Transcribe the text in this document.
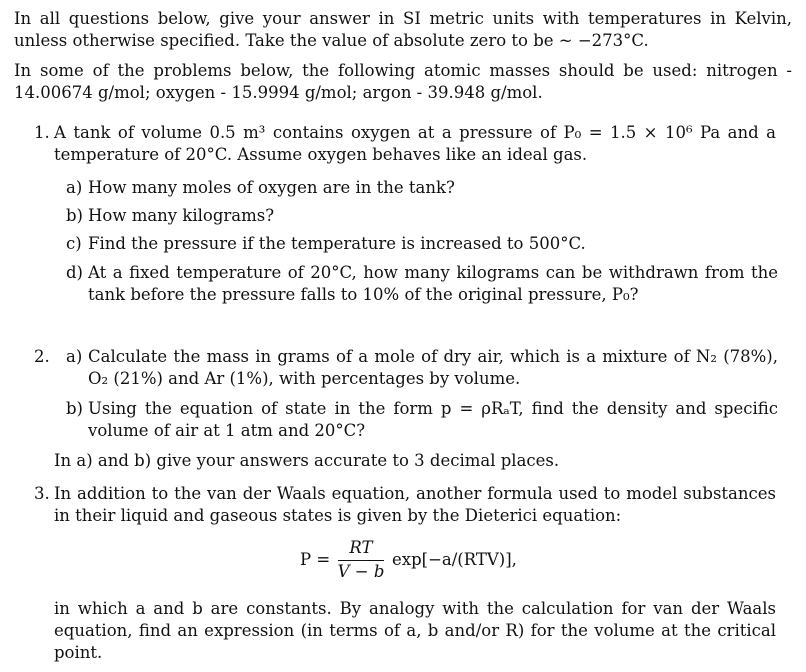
In all questions below, give your answer in SI metric units with temperatures in Kelvin, unless otherwise specified. Take the value of absolute zero to be ~ −273°C.
In some of the problems below, the following atomic masses should be used: nitrogen - 14.00674 g/mol; oxygen - 15.9994 g/mol; argon - 39.948 g/mol.
1. A tank of volume 0.5 m³ contains oxygen at a pressure of P₀ = 1.5 × 10⁶ Pa and a temperature of 20°C. Assume oxygen behaves like an ideal gas.
a) How many moles of oxygen are in the tank?
b) How many kilograms?
c) Find the pressure if the temperature is increased to 500°C.
d) At a fixed temperature of 20°C, how many kilograms can be withdrawn from the tank before the pressure falls to 10% of the original pressure, P₀?
2. a) Calculate the mass in grams of a mole of dry air, which is a mixture of N₂ (78%), O₂ (21%) and Ar (1%), with percentages by volume.
b) Using the equation of state in the form p = ρRₐT, find the density and specific volume of air at 1 atm and 20°C?
In a) and b) give your answers accurate to 3 decimal places.
3. In addition to the van der Waals equation, another formula used to model substances in their liquid and gaseous states is given by the Dieterici equation:
P =
RT
V − b
exp[−a/(RTV)],
in which a and b are constants. By analogy with the calculation for van der Waals equation, find an expression (in terms of a, b and/or R) for the volume at the critical point.
